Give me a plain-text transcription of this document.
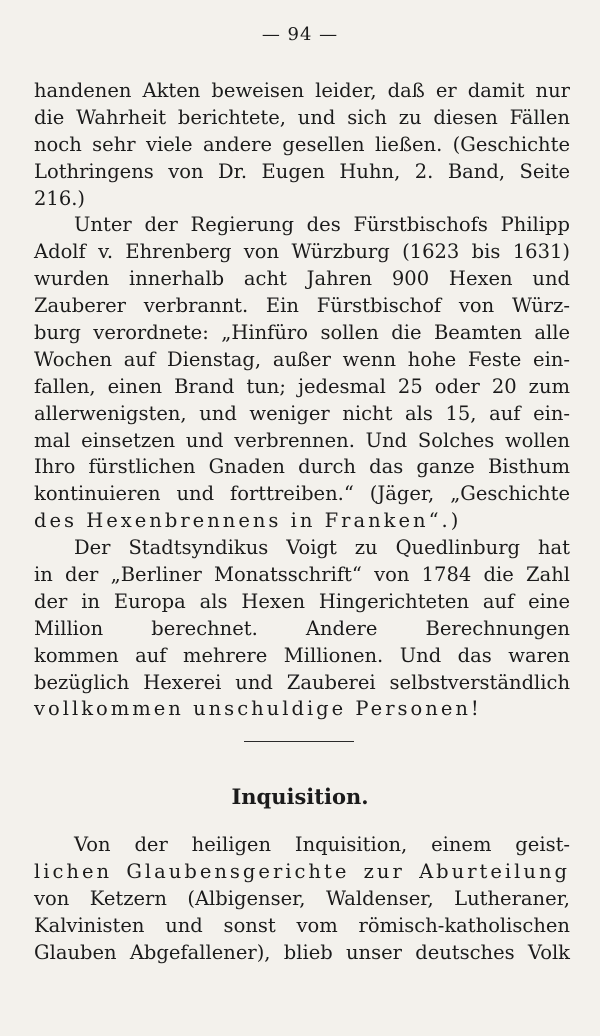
— 94 —
handenen Akten beweisen leider, daß er damit nur
die Wahrheit berichtete, und sich zu diesen Fällen
noch sehr viele andere gesellen ließen. (Geschichte
Lothringens von Dr. Eugen Huhn, 2. Band, Seite
216.)
Unter der Regierung des Fürstbischofs Philipp
Adolf v. Ehrenberg von Würzburg (1623 bis 1631)
wurden innerhalb acht Jahren 900 Hexen und
Zauberer verbrannt. Ein Fürstbischof von Würz-
burg verordnete: „Hinfüro sollen die Beamten alle
Wochen auf Dienstag, außer wenn hohe Feste ein-
fallen, einen Brand tun; jedesmal 25 oder 20 zum
allerwenigsten, und weniger nicht als 15, auf ein-
mal einsetzen und verbrennen. Und Solches wollen
Ihro fürstlichen Gnaden durch das ganze Bisthum
kontinuieren und forttreiben.“ (Jäger, „Geschichte
des Hexenbrennens in Franken“.)
Der Stadtsyndikus Voigt zu Quedlinburg hat
in der „Berliner Monatsschrift“ von 1784 die Zahl
der in Europa als Hexen Hingerichteten auf eine
Million berechnet. Andere Berechnungen
kommen auf mehrere Millionen. Und das waren
bezüglich Hexerei und Zauberei selbstverständlich
vollkommen unschuldige Personen!
Inquisition.
Von der heiligen Inquisition, einem geist-
lichen Glaubensgerichte zur Aburteilung
von Ketzern (Albigenser, Waldenser, Lutheraner,
Kalvinisten und sonst vom römisch-katholischen
Glauben Abgefallener), blieb unser deutsches Volk
